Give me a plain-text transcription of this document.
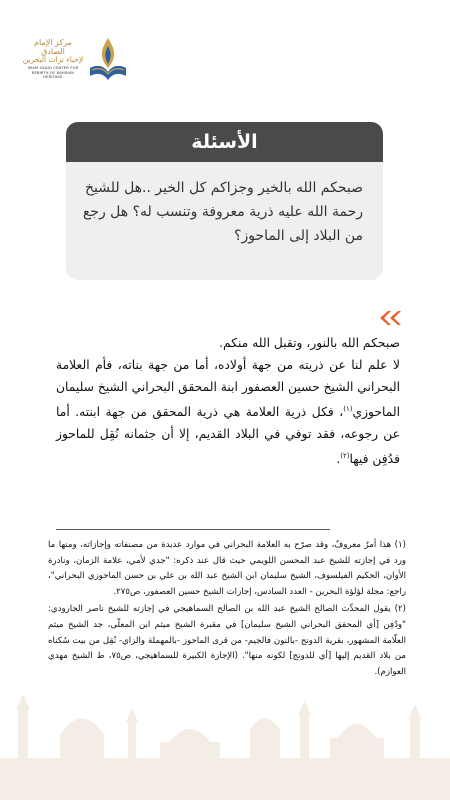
مركز الإمام الصادق
لإحياء تراث البحرين
IMAM SADIQ CENTER FOR
REBIRTH OF BAHRAIN HERITAGE
الأسئلة
صبحكم الله بالخير وجزاكم كل الخير ..هل للشيخ رحمة الله عليه ذرية معروفة وتنسب له؟ هل رجع من البلاد إلى الماحوز؟

صبحكم الله بالنور، وتقبل الله منكم.

لا علم لنا عن ذريته من جهة أولاده، أما من جهة بناته، فأم العلامة البحراني الشيخ حسين العصفور ابنة المحقق البحراني الشيخ سليمان الماحوزي$^{(١)}$، فكل ذرية العلامة هي ذرية المحقق من جهة ابنته. أما عن رجوعه، فقد توفي في البلاد القديم، إلا أن جثمانه نُقِل للماحوز فدُفِن فيها$^{(٢)}$.

(١) هذا أمرٌ معروفٌ، وقد صرّح به العلامة البحراني في موارد عديدة من مصنفاته وإجازاته، ومنها ما ورد في إجازته للشيخ عبد المحسن اللويمي حيث قال عند ذكره: "جدي لأمي، علامة الزمان، ونادرة الأوان، الحكيم الفيلسوف، الشيخ سليمان ابن الشيخ عبد الله بن علي بن حسن الماحوزي البحراني"، راجع: مجلة لؤلؤة البحرين - العدد السادس، إجازات الشيخ حسين العصفور، ص٢٧٥.

(٢) يقول المحدِّث الصالح الشيخ عبد الله بن الصالح السماهيجي في إجازته للشيخ ناصر الجارودي: "ودُفِن [أي المحقق البحراني الشيخ سليمان] في مقبرة الشيخ ميثم ابن المعلّى، جد الشيخ ميثم العلّامة المشهور، بقرية الدونج -بالنون فالجيم- من قرى الماحوز -بالمهملة والزاي- نُقِل من بيت سُكناه من بلاد القديم إليها [أي للدونج] لكونه منها". (الإجازة الكبيرة للسماهيجي، ص٧٥، ط الشيخ مهدي العوازم).
